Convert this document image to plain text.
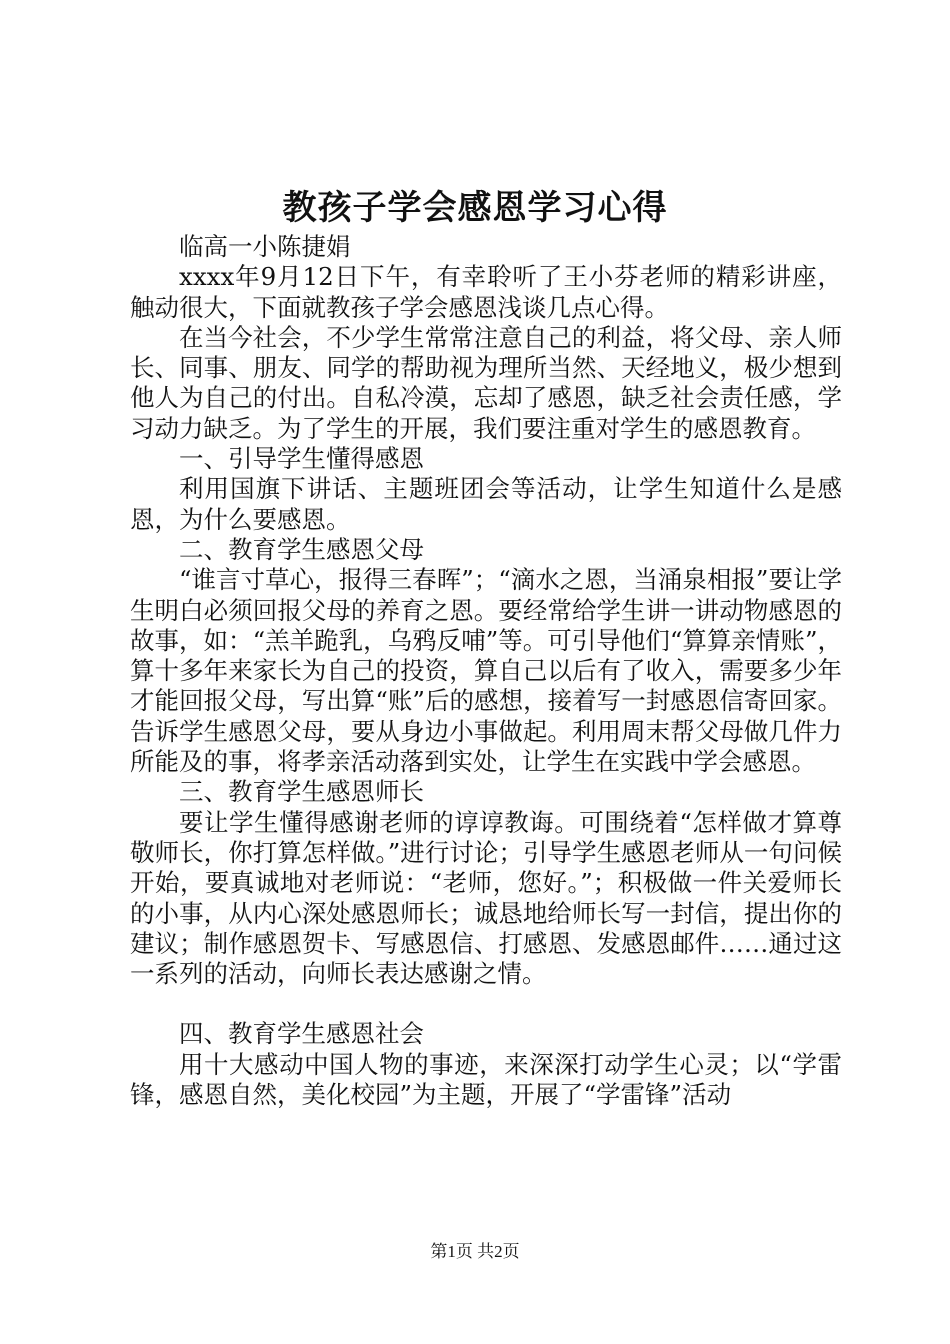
教孩子学会感恩学习心得

临高一小陈捷娟

xxxx年9月12日下午，有幸聆听了王小芬老师的精彩讲座，触动很大，下面就教孩子学会感恩浅谈几点心得。

在当今社会，不少学生常常注意自己的利益，将父母、亲人师长、同事、朋友、同学的帮助视为理所当然、天经地义，极少想到他人为自己的付出。自私冷漠，忘却了感恩，缺乏社会责任感，学习动力缺乏。为了学生的开展，我们要注重对学生的感恩教育。

一、引导学生懂得感恩

利用国旗下讲话、主题班团会等活动，让学生知道什么是感恩，为什么要感恩。

二、教育学生感恩父母

“谁言寸草心，报得三春晖”；“滴水之恩，当涌泉相报”要让学生明白必须回报父母的养育之恩。要经常给学生讲一讲动物感恩的故事，如：“羔羊跪乳，乌鸦反哺”等。可引导他们“算算亲情账”，算十多年来家长为自己的投资，算自己以后有了收入，需要多少年才能回报父母，写出算“账”后的感想，接着写一封感恩信寄回家。告诉学生感恩父母，要从身边小事做起。利用周末帮父母做几件力所能及的事，将孝亲活动落到实处，让学生在实践中学会感恩。

三、教育学生感恩师长

要让学生懂得感谢老师的谆谆教诲。可围绕着“怎样做才算尊敬师长，你打算怎样做。”进行讨论；引导学生感恩老师从一句问候开始，要真诚地对老师说：“老师，您好。”；积极做一件关爱师长的小事，从内心深处感恩师长；诚恳地给师长写一封信，提出你的建议；制作感恩贺卡、写感恩信、打感恩、发感恩邮件……通过这一系列的活动，向师长表达感谢之情。

四、教育学生感恩社会

用十大感动中国人物的事迹，来深深打动学生心灵；以“学雷锋，感恩自然，美化校园”为主题，开展了“学雷锋”活动

第1页 共2页
